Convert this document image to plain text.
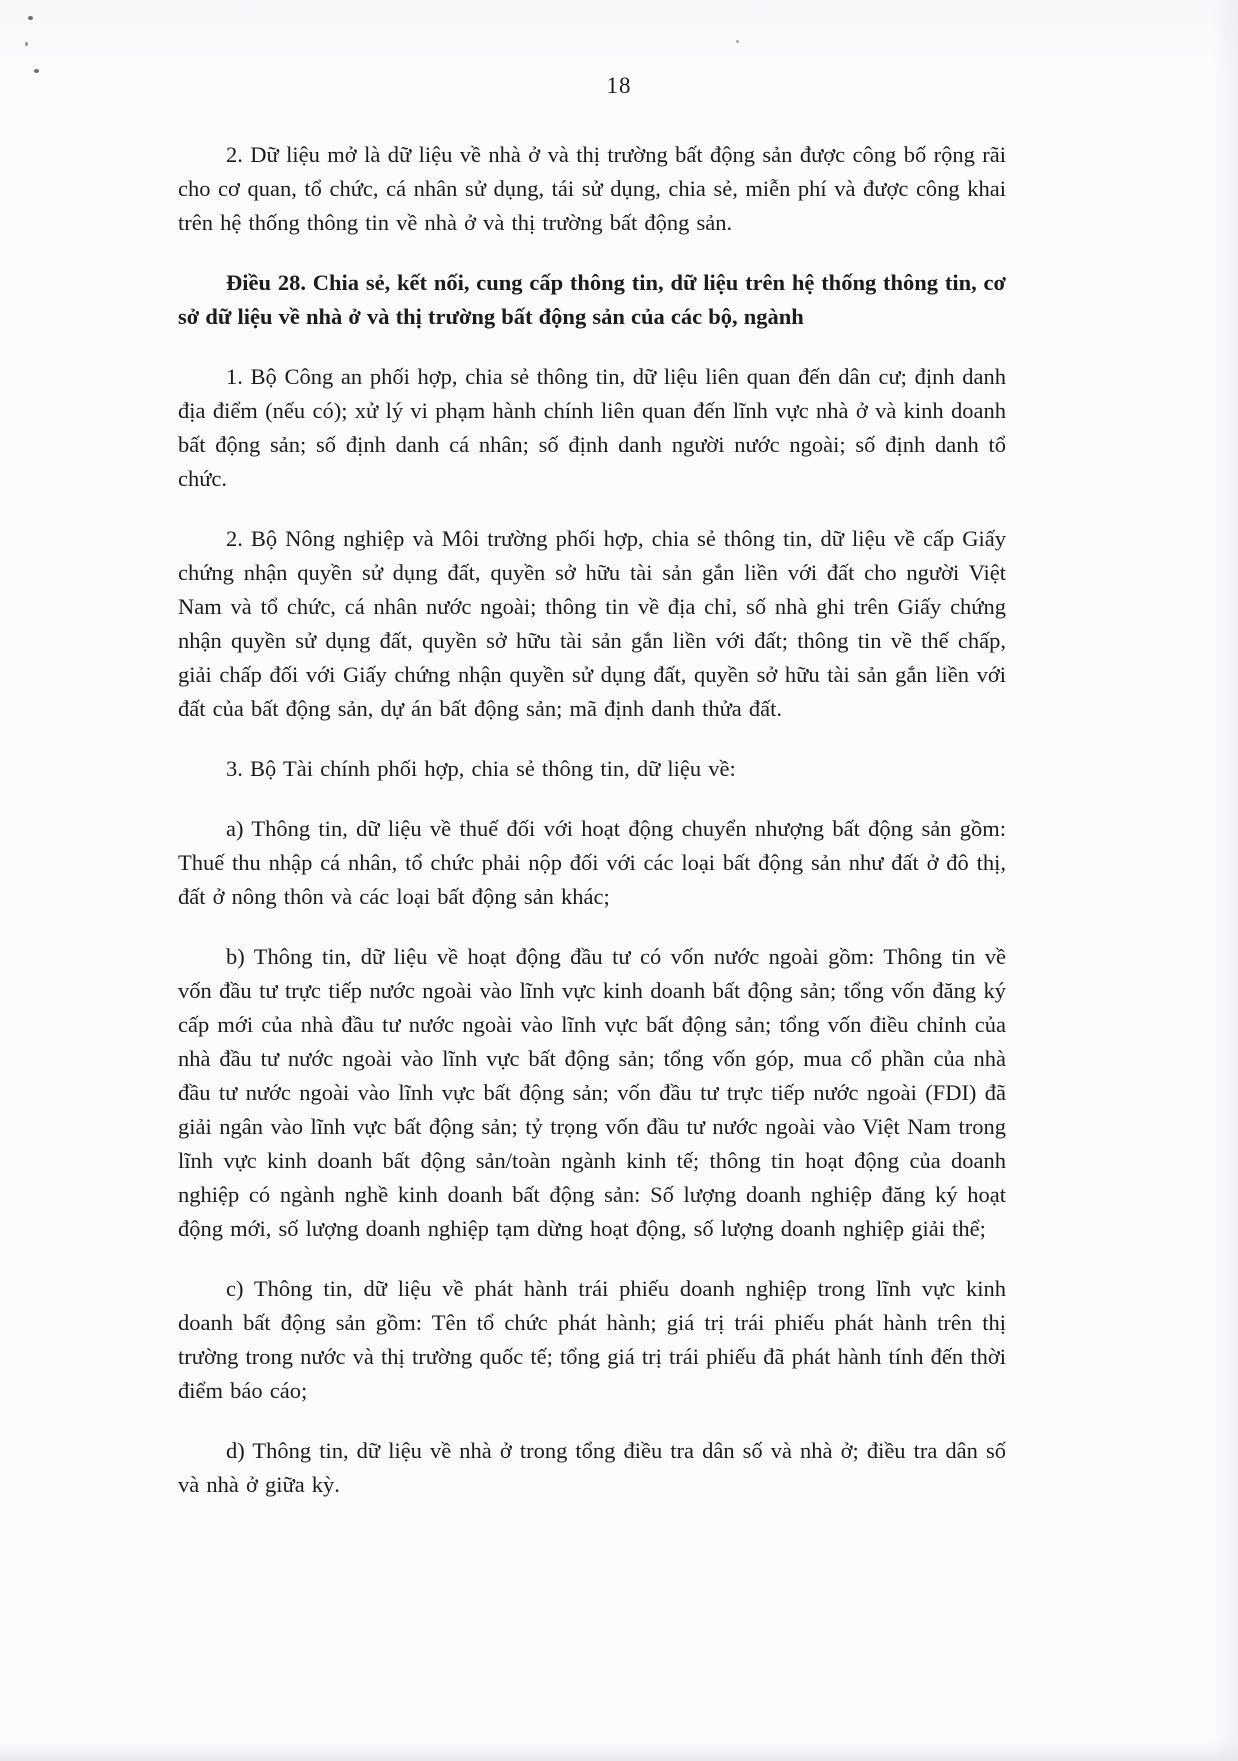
18

2. Dữ liệu mở là dữ liệu về nhà ở và thị trường bất động sản được công bố rộng rãi cho cơ quan, tổ chức, cá nhân sử dụng, tái sử dụng, chia sẻ, miễn phí và được công khai trên hệ thống thông tin về nhà ở và thị trường bất động sản.

Điều 28. Chia sẻ, kết nối, cung cấp thông tin, dữ liệu trên hệ thống thông tin, cơ sở dữ liệu về nhà ở và thị trường bất động sản của các bộ, ngành

1. Bộ Công an phối hợp, chia sẻ thông tin, dữ liệu liên quan đến dân cư; định danh địa điểm (nếu có); xử lý vi phạm hành chính liên quan đến lĩnh vực nhà ở và kinh doanh bất động sản; số định danh cá nhân; số định danh người nước ngoài; số định danh tổ chức.

2. Bộ Nông nghiệp và Môi trường phối hợp, chia sẻ thông tin, dữ liệu về cấp Giấy chứng nhận quyền sử dụng đất, quyền sở hữu tài sản gắn liền với đất cho người Việt Nam và tổ chức, cá nhân nước ngoài; thông tin về địa chỉ, số nhà ghi trên Giấy chứng nhận quyền sử dụng đất, quyền sở hữu tài sản gắn liền với đất; thông tin về thế chấp, giải chấp đối với Giấy chứng nhận quyền sử dụng đất, quyền sở hữu tài sản gắn liền với đất của bất động sản, dự án bất động sản; mã định danh thửa đất.

3. Bộ Tài chính phối hợp, chia sẻ thông tin, dữ liệu về:

a) Thông tin, dữ liệu về thuế đối với hoạt động chuyển nhượng bất động sản gồm: Thuế thu nhập cá nhân, tổ chức phải nộp đối với các loại bất động sản như đất ở đô thị, đất ở nông thôn và các loại bất động sản khác;

b) Thông tin, dữ liệu về hoạt động đầu tư có vốn nước ngoài gồm: Thông tin về vốn đầu tư trực tiếp nước ngoài vào lĩnh vực kinh doanh bất động sản; tổng vốn đăng ký cấp mới của nhà đầu tư nước ngoài vào lĩnh vực bất động sản; tổng vốn điều chỉnh của nhà đầu tư nước ngoài vào lĩnh vực bất động sản; tổng vốn góp, mua cổ phần của nhà đầu tư nước ngoài vào lĩnh vực bất động sản; vốn đầu tư trực tiếp nước ngoài (FDI) đã giải ngân vào lĩnh vực bất động sản; tỷ trọng vốn đầu tư nước ngoài vào Việt Nam trong lĩnh vực kinh doanh bất động sản/toàn ngành kinh tế; thông tin hoạt động của doanh nghiệp có ngành nghề kinh doanh bất động sản: Số lượng doanh nghiệp đăng ký hoạt động mới, số lượng doanh nghiệp tạm dừng hoạt động, số lượng doanh nghiệp giải thể;

c) Thông tin, dữ liệu về phát hành trái phiếu doanh nghiệp trong lĩnh vực kinh doanh bất động sản gồm: Tên tổ chức phát hành; giá trị trái phiếu phát hành trên thị trường trong nước và thị trường quốc tế; tổng giá trị trái phiếu đã phát hành tính đến thời điểm báo cáo;

d) Thông tin, dữ liệu về nhà ở trong tổng điều tra dân số và nhà ở; điều tra dân số và nhà ở giữa kỳ.
